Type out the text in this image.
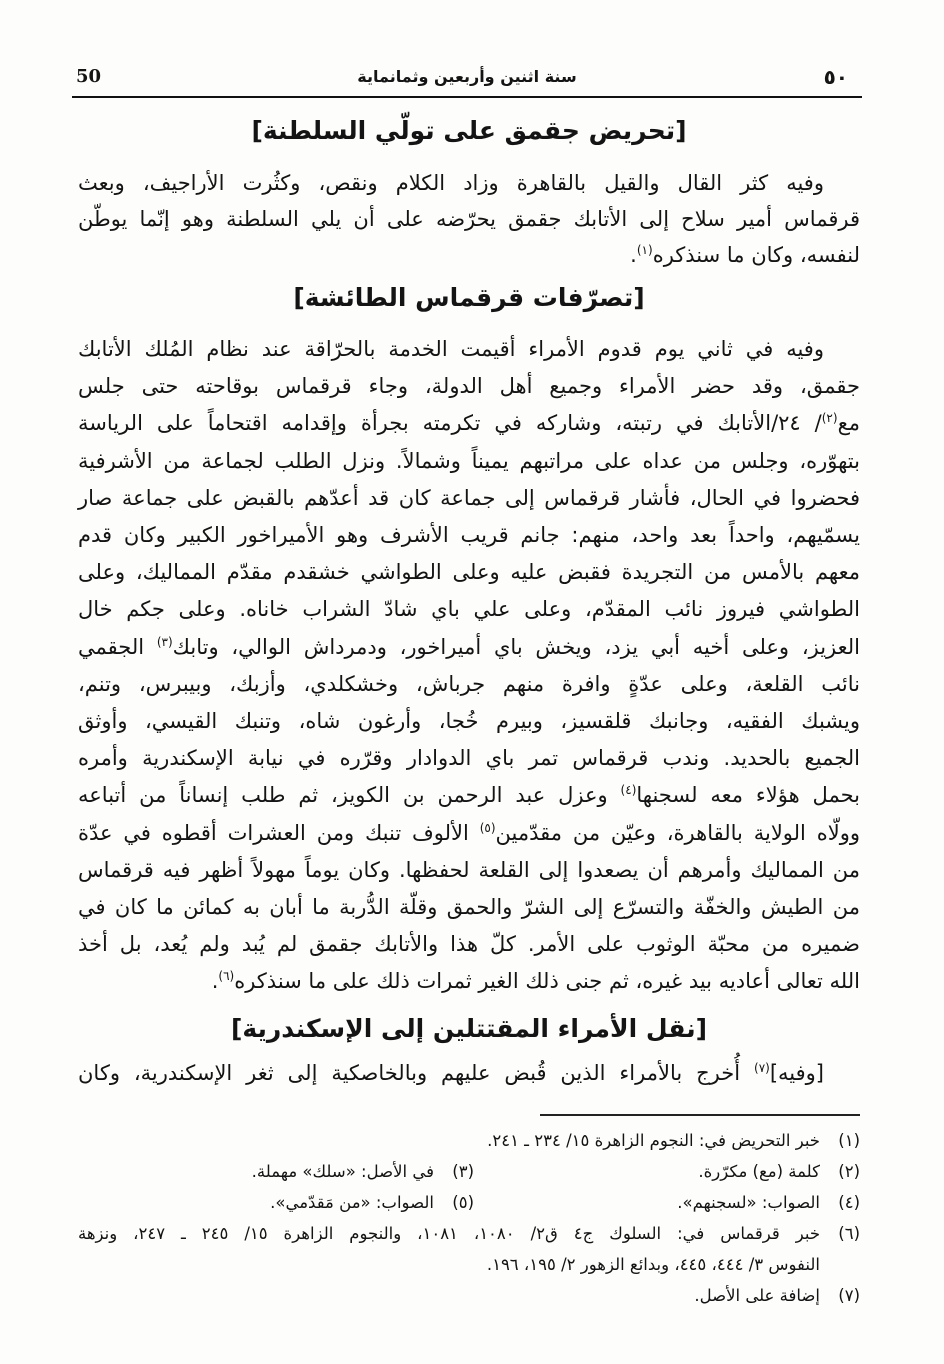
٥٠
سنة اثنين وأربعين وثمانماية
50
[تحريض جقمق على تولّي السلطنة]
وفيه كثر القال والقيل بالقاهرة وزاد الكلام ونقص، وكثُرت الأراجيف، وبعث
قرقماس أمير سلاح إلى الأتابك جقمق يحرّضه على أن يلي السلطنة وهو إنّما يوطّن
لنفسه، وكان ما سنذكره$^{(١)}$.
[تصرّفات قرقماس الطائشة]
وفيه في ثاني يوم قدوم الأمراء أقيمت الخدمة بالحرّاقة عند نظام المُلك الأتابك
جقمق، وقد حضر الأمراء وجميع أهل الدولة، وجاء قرقماس بوقاحته حتى جلس
مع$^{(٢)}$/ ٢٤/الأتابك في رتبته، وشاركه في تكرمته بجرأة وإقدامه اقتحاماً على الرياسة
بتهوّره، وجلس من عداه على مراتبهم يميناً وشمالاً. ونزل الطلب لجماعة من الأشرفية
فحضروا في الحال، فأشار قرقماس إلى جماعة كان قد أعدّهم بالقبض على جماعة صار
يسمّيهم، واحداً بعد واحد، منهم: جانم قريب الأشرف وهو الأميراخور الكبير وكان قدم
معهم بالأمس من التجريدة فقبض عليه وعلى الطواشي خشقدم مقدّم المماليك، وعلى
الطواشي فيروز نائب المقدّم، وعلى علي باي شادّ الشراب خاناه. وعلى جكم خال
العزيز، وعلى أخيه أبي يزد، ويخش باي أميراخور، ودمرداش الوالي، وتابك$^{(٣)}$ الجقمي
نائب القلعة، وعلى عدّةٍ وافرة منهم جرباش، وخشكلدي، وأزبك، وبيبرس، وتنم،
ويشبك الفقيه، وجانبك قلقسيز، وبيرم خُجا، وأرغون شاه، وتنبك القيسي، وأوثق
الجميع بالحديد. وندب قرقماس تمر باي الدوادار وقرّره في نيابة الإسكندرية وأمره
بحمل هؤلاء معه لسجنها$^{(٤)}$ وعزل عبد الرحمن بن الكويز، ثم طلب إنساناً من أتباعه
وولّاه الولاية بالقاهرة، وعيّن من مقدّمين$^{(٥)}$ الألوف تنبك ومن العشرات أقطوه في عدّة
من المماليك وأمرهم أن يصعدوا إلى القلعة لحفظها. وكان يوماً مهولاً أظهر فيه قرقماس
من الطيش والخفّة والتسرّع إلى الشرّ والحمق وقلّة الدُّربة ما أبان به كمائن ما كان في
ضميره من محبّة الوثوب على الأمر. كلّ هذا والأتابك جقمق لم يُبد ولم يُعد، بل أخذ
الله تعالى أعاديه بيد غيره، ثم جنى ذلك الغير ثمرات ذلك على ما سنذكره$^{(٦)}$.
[نقل الأمراء المقتتلين إلى الإسكندرية]
[وفيه]$^{(٧)}$ أُخرج بالأمراء الذين قُبض عليهم وبالخاصكية إلى ثغر الإسكندرية، وكان
(١)
خبر التحريض في: النجوم الزاهرة ١٥/ ٢٣٤ ـ ٢٤١.
(٢)
كلمة (مع) مكرّرة.
(٣)
في الأصل: «سلك» مهملة.
(٤)
الصواب: «لسجنهم».
(٥)
الصواب: «من مَقدّمي».
(٦)
خبر قرقماس في: السلوك ج٤ ق٢/ ١٠٨٠، ١٠٨١، والنجوم الزاهرة ١٥/ ٢٤٥ ـ ٢٤٧، ونزهة
النفوس ٣/ ٤٤٤، ٤٤٥، وبدائع الزهور ٢/ ١٩٥، ١٩٦.
(٧)
إضافة على الأصل.
